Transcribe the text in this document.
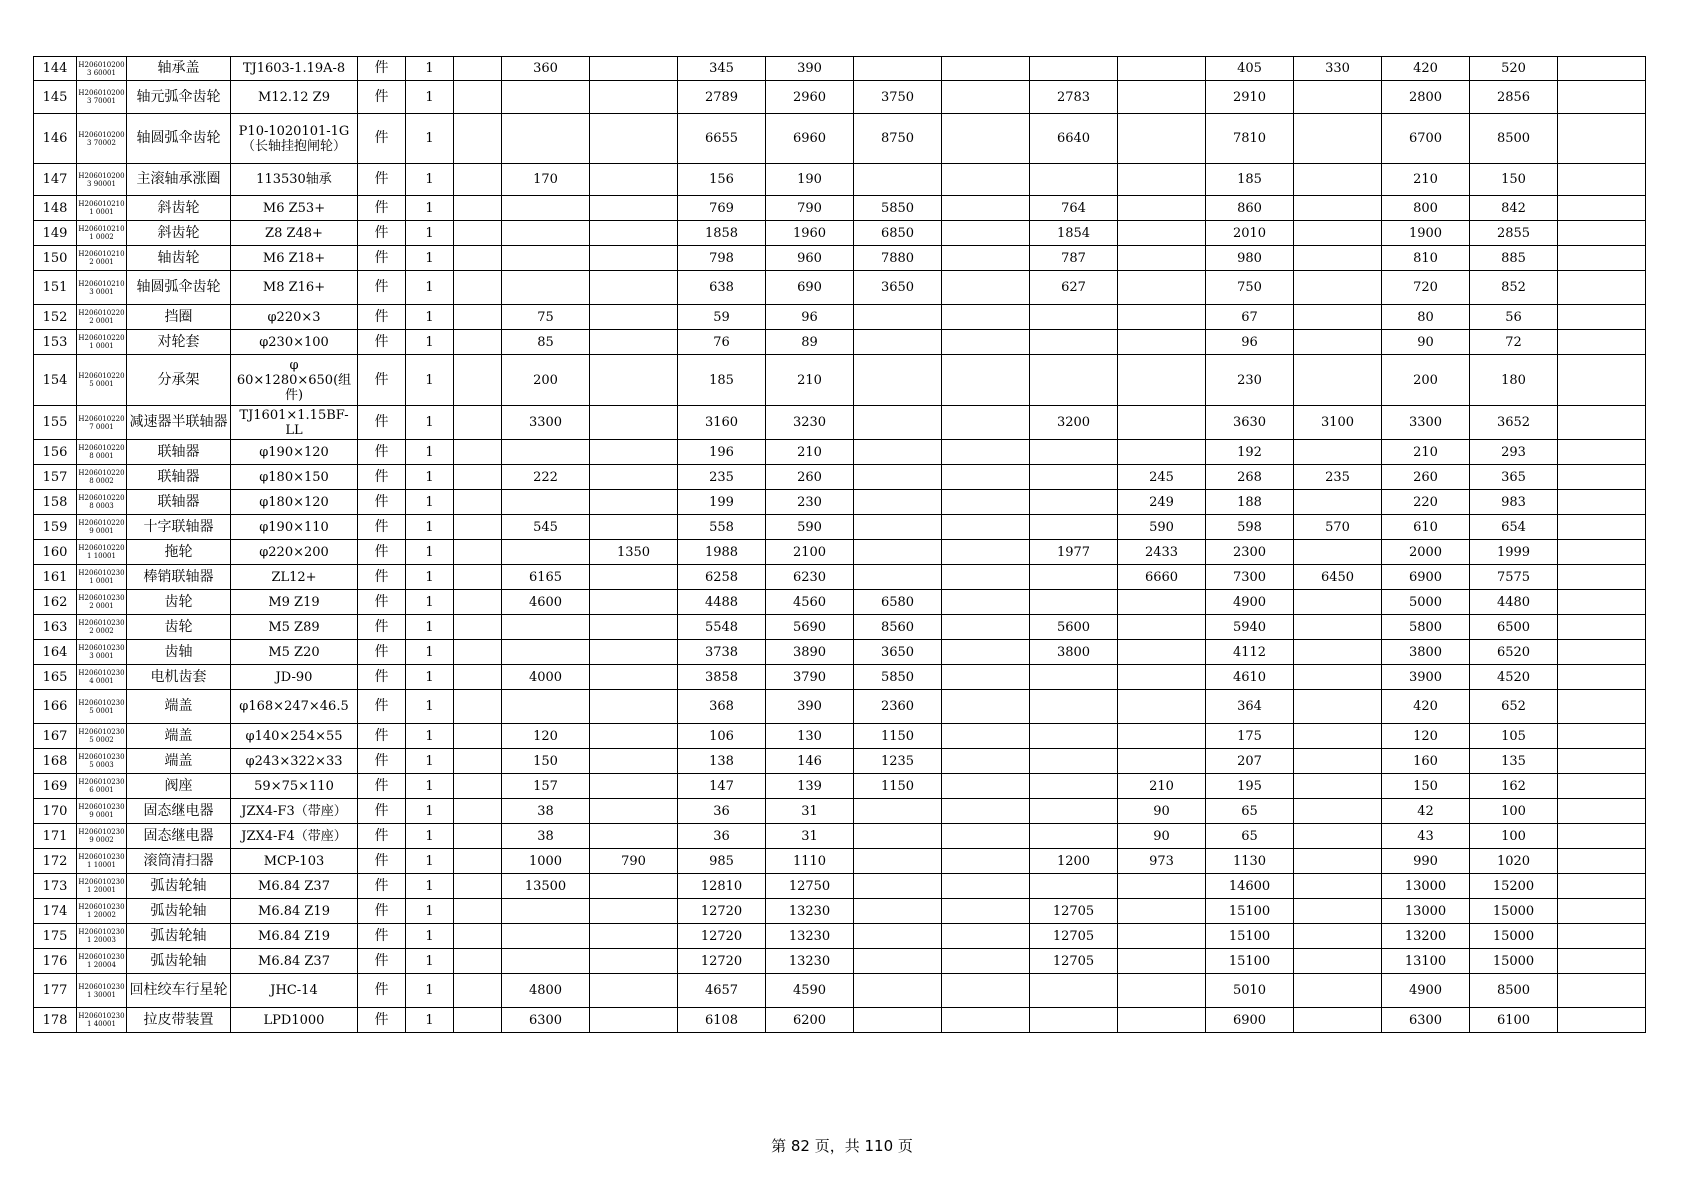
144	H2060102003 60001	轴承盖	TJ1603-1.19A-8	件	1		360		345	390					405	330	420	520	
145	H2060102003 70001	轴元弧伞齿轮	M12.12 Z9	件	1				2789	2960	3750		2783		2910		2800	2856	
146	H2060102003 70002	轴圆弧伞齿轮	P10-1020101-1G（长轴挂抱闸轮）	件	1				6655	6960	8750		6640		7810		6700	8500	
147	H2060102003 90001	主滚轴承涨圈	113530轴承	件	1		170		156	190					185		210	150	
148	H2060102101 0001	斜齿轮	M6 Z53+	件	1				769	790	5850		764		860		800	842	
149	H2060102101 0002	斜齿轮	Z8 Z48+	件	1				1858	1960	6850		1854		2010		1900	2855	
150	H2060102102 0001	轴齿轮	M6 Z18+	件	1				798	960	7880		787		980		810	885	
151	H2060102103 0001	轴圆弧伞齿轮	M8 Z16+	件	1				638	690	3650		627		750		720	852	
152	H2060102202 0001	挡圈	φ220×3	件	1		75		59	96					67		80	56	
153	H2060102201 0001	对轮套	φ230×100	件	1		85		76	89					96		90	72	
154	H2060102205 0001	分承架	φ 60×1280×650(组件)	件	1		200		185	210					230		200	180	
155	H2060102207 0001	减速器半联轴器	TJ1601×1.15BF-LL	件	1		3300		3160	3230			3200		3630	3100	3300	3652	
156	H2060102208 0001	联轴器	φ190×120	件	1				196	210					192		210	293	
157	H2060102208 0002	联轴器	φ180×150	件	1		222		235	260				245	268	235	260	365	
158	H2060102208 0003	联轴器	φ180×120	件	1				199	230				249	188		220	983	
159	H2060102209 0001	十字联轴器	φ190×110	件	1		545		558	590				590	598	570	610	654	
160	H2060102201 10001	拖轮	φ220×200	件	1			1350	1988	2100			1977	2433	2300		2000	1999	
161	H2060102301 0001	棒销联轴器	ZL12+	件	1		6165		6258	6230				6660	7300	6450	6900	7575	
162	H2060102302 0001	齿轮	M9 Z19	件	1		4600		4488	4560	6580				4900		5000	4480	
163	H2060102302 0002	齿轮	M5 Z89	件	1				5548	5690	8560		5600		5940		5800	6500	
164	H2060102303 0001	齿轴	M5 Z20	件	1				3738	3890	3650		3800		4112		3800	6520	
165	H2060102304 0001	电机齿套	JD-90	件	1		4000		3858	3790	5850				4610		3900	4520	
166	H2060102305 0001	端盖	φ168×247×46.5	件	1				368	390	2360				364		420	652	
167	H2060102305 0002	端盖	φ140×254×55	件	1		120		106	130	1150				175		120	105	
168	H2060102305 0003	端盖	φ243×322×33	件	1		150		138	146	1235				207		160	135	
169	H2060102306 0001	阀座	59×75×110	件	1		157		147	139	1150			210	195		150	162	
170	H2060102309 0001	固态继电器	JZX4-F3（带座）	件	1		38		36	31				90	65		42	100	
171	H2060102309 0002	固态继电器	JZX4-F4（带座）	件	1		38		36	31				90	65		43	100	
172	H2060102301 10001	滚筒清扫器	MCP-103	件	1		1000	790	985	1110			1200	973	1130		990	1020	
173	H2060102301 20001	弧齿轮轴	M6.84 Z37	件	1		13500		12810	12750					14600		13000	15200	
174	H2060102301 20002	弧齿轮轴	M6.84 Z19	件	1				12720	13230			12705		15100		13000	15000	
175	H2060102301 20003	弧齿轮轴	M6.84 Z19	件	1				12720	13230			12705		15100		13200	15000	
176	H2060102301 20004	弧齿轮轴	M6.84 Z37	件	1				12720	13230			12705		15100		13100	15000	
177	H2060102301 30001	回柱绞车行星轮	JHC-14	件	1		4800		4657	4590					5010		4900	8500	
178	H2060102301 40001	拉皮带装置	LPD1000	件	1		6300		6108	6200					6900		6300	6100	
第 82 页，共 110 页
